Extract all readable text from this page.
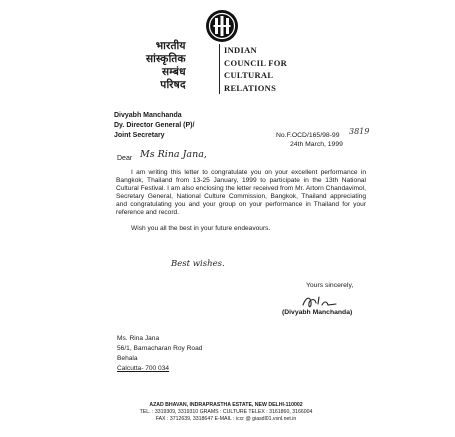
भारतीय
सांस्कृतिक
सम्बंध
परिषद
INDIAN
COUNCIL FOR
CULTURAL
RELATIONS
Divyabh Manchanda
Dy. Director General (P)/
Joint Secretary	No.F.OCD/165/98-99 3819
24th March, 1999
Dear Ms Rina Jana,

I am writing this letter to congratulate you on your excellent performance in Bangkok, Thailand from 13-25 January, 1999 to participate in the 13th National Cultural Festival. I am also enclosing the letter received from Mr. Artorn Chandavimol, Secretary General, National Culture Commission, Bangkok, Thailand appreciating and congratulating you and your group on your performance in Thailand for your reference and record.

Wish you all the best in your future endeavours.

Best wishes.
Yours sincerely,
(Divyabh Manchanda)
Ms. Rina Jana
56/1, Barnacharan Roy Road
Behala
Calcutta- 700 034
AZAD BHAVAN, INDRAPRASTHA ESTATE, NEW DELHI-110002
TEL. : 3319309, 3319310 GRAMS : CULTURE TELEX : 3161860, 3166004
FAX : 3712639, 3318647 E-MAIL : iccr @ giasdl01.vsnl.net.in
